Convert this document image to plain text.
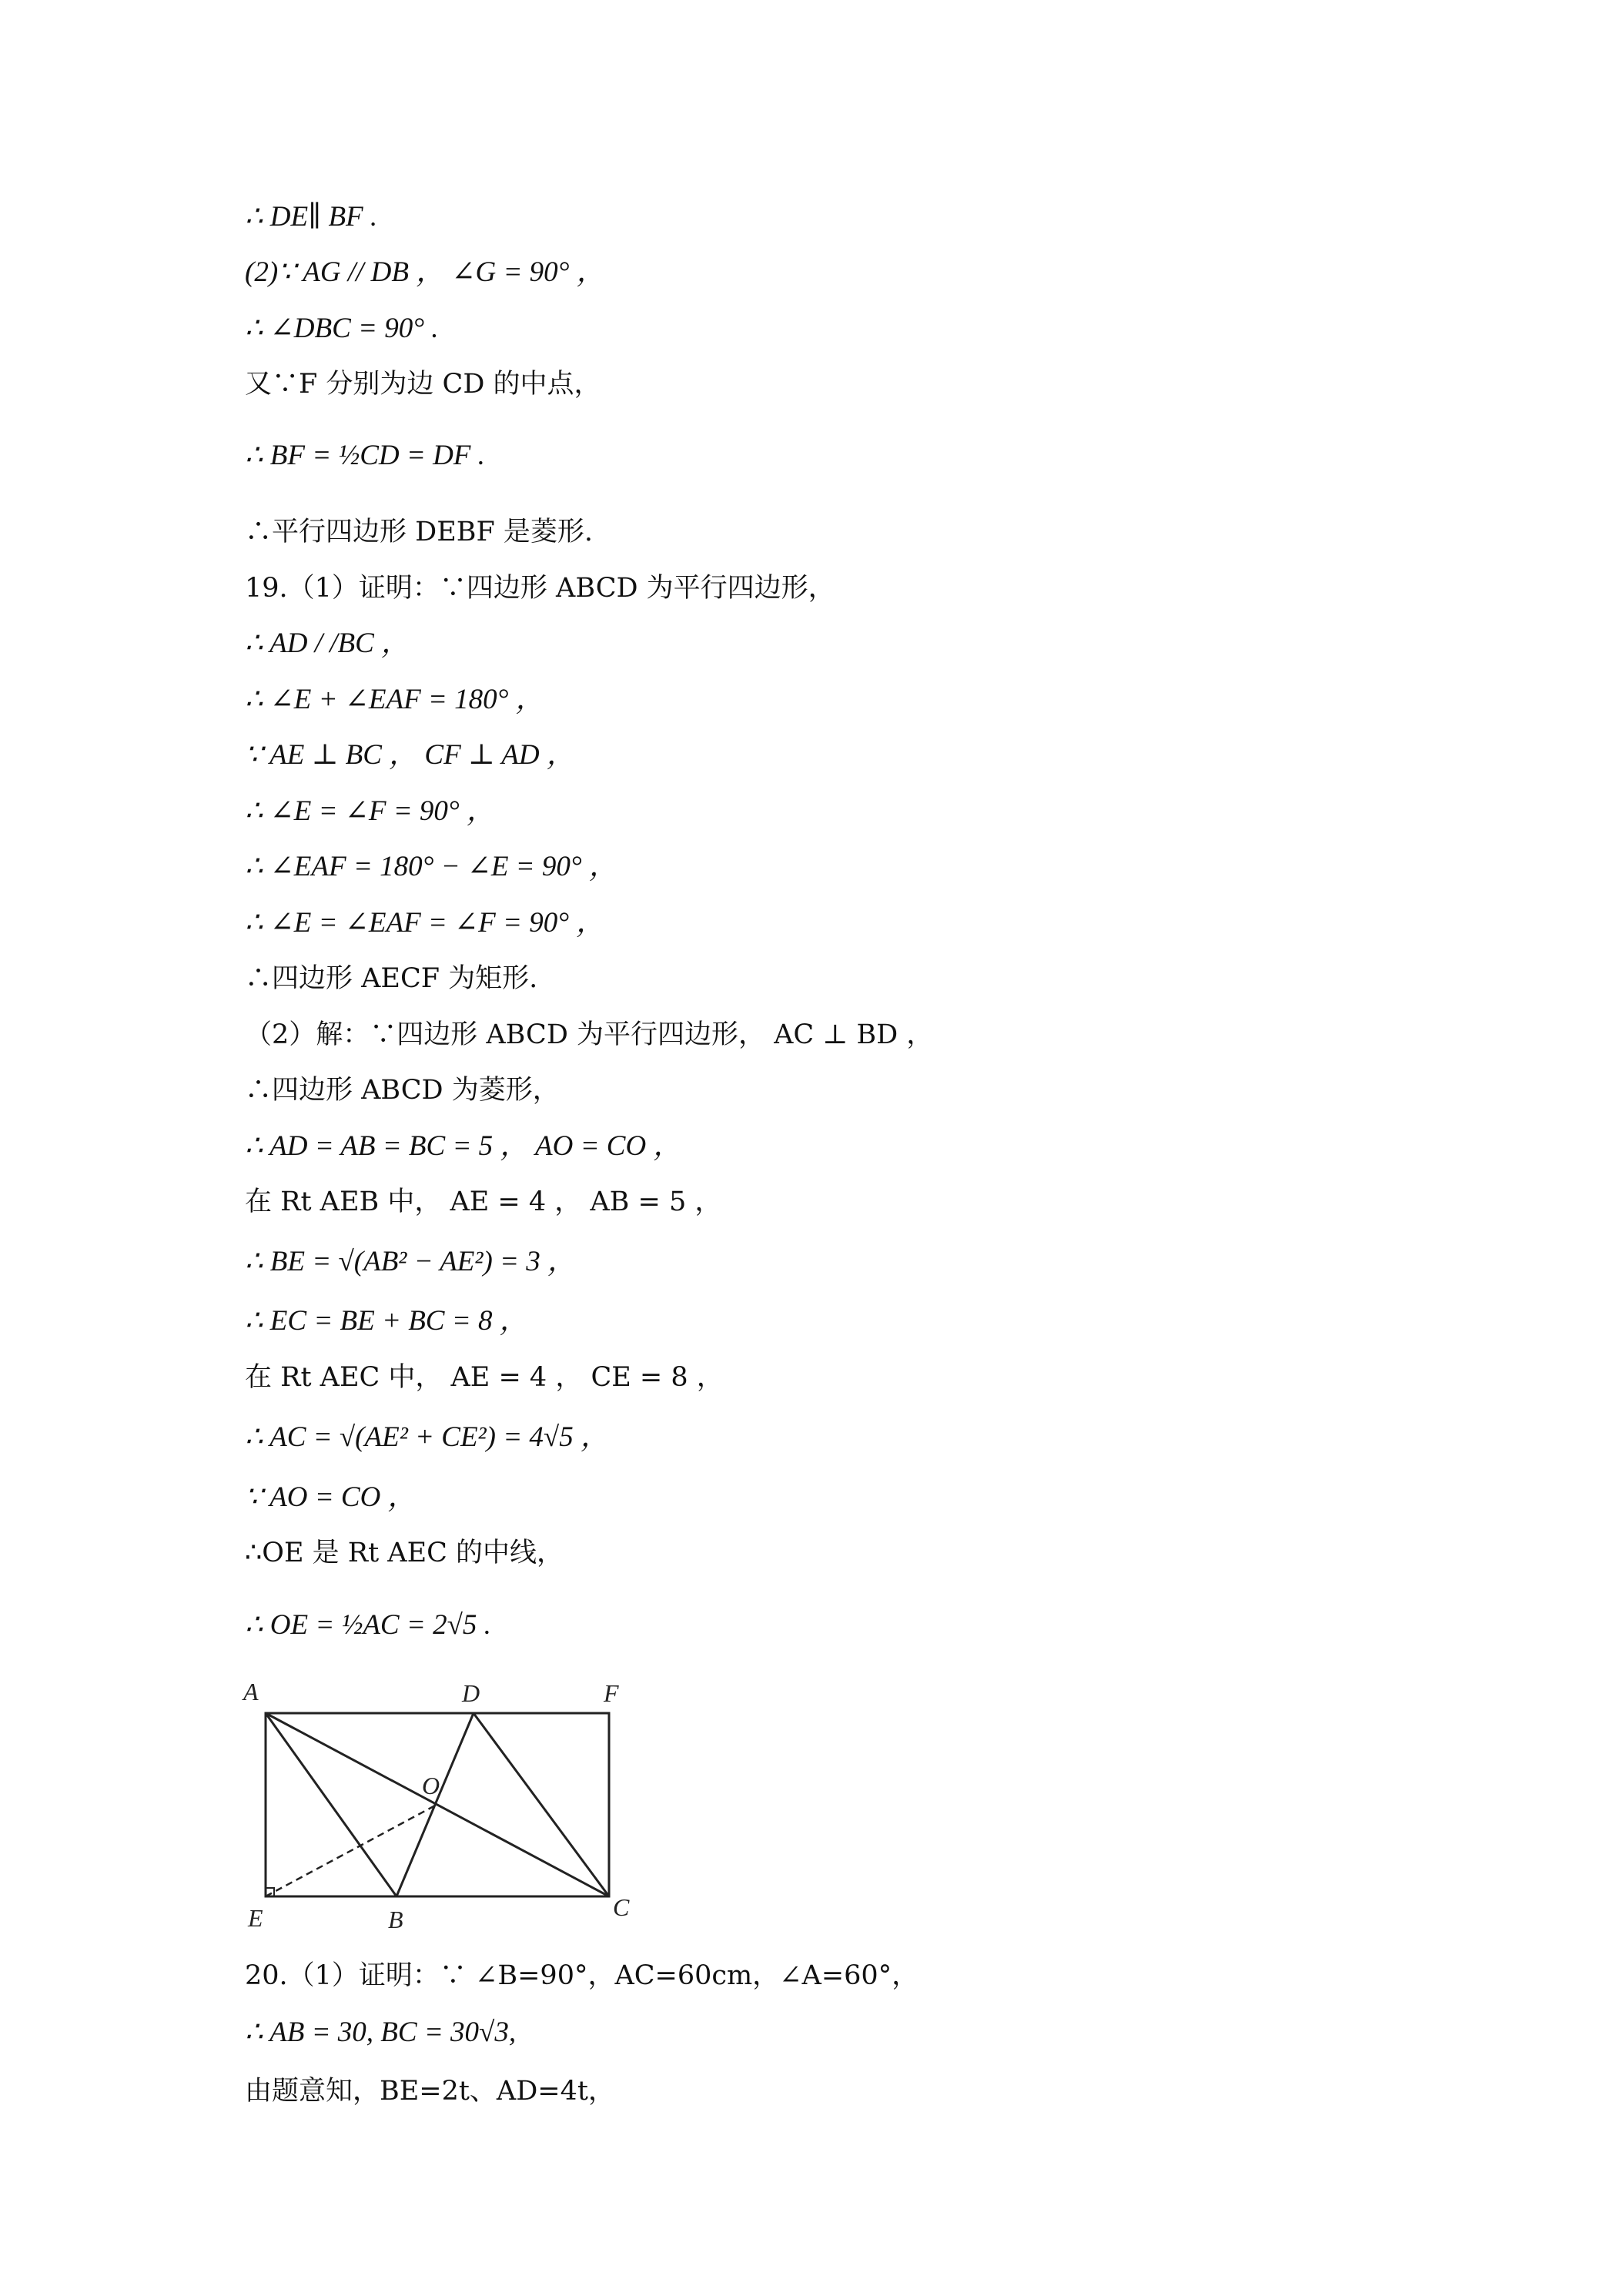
∴ DE∥ BF .
(2)∵ AG // DB ， ∠G = 90° ，
∴ ∠DBC = 90° .
又∵F 分别为边 CD 的中点，
∴ BF = ½CD = DF .
∴平行四边形 DEBF 是菱形.
19.（1）证明：∵四边形 ABCD 为平行四边形，
∴ AD / /BC ，
∴ ∠E + ∠EAF = 180° ，
∵ AE ⊥ BC ， CF ⊥ AD ，
∴ ∠E = ∠F = 90° ，
∴ ∠EAF = 180° − ∠E = 90° ，
∴ ∠E = ∠EAF = ∠F = 90° ，
∴四边形 AECF 为矩形.
（2）解：∵四边形 ABCD 为平行四边形， AC ⊥ BD ，
∴四边形 ABCD 为菱形，
∴ AD = AB = BC = 5 ， AO = CO ，
在 Rt AEB 中， AE = 4 ， AB = 5 ，
∴ BE = √(AB² − AE²) = 3 ，
∴ EC = BE + BC = 8 ，
在 Rt AEC 中， AE = 4 ， CE = 8 ，
∴ AC = √(AE² + CE²) = 4√5 ，
∵ AO = CO ，
∴OE 是 Rt AEC 的中线，
∴ OE = ½AC = 2√5 .
A	D	F
O
E	B	C
20.（1）证明：∵ ∠B=90°，AC=60cm，∠A=60°，
∴ AB = 30, BC = 30√3,
由题意知，BE=2t、AD=4t，
